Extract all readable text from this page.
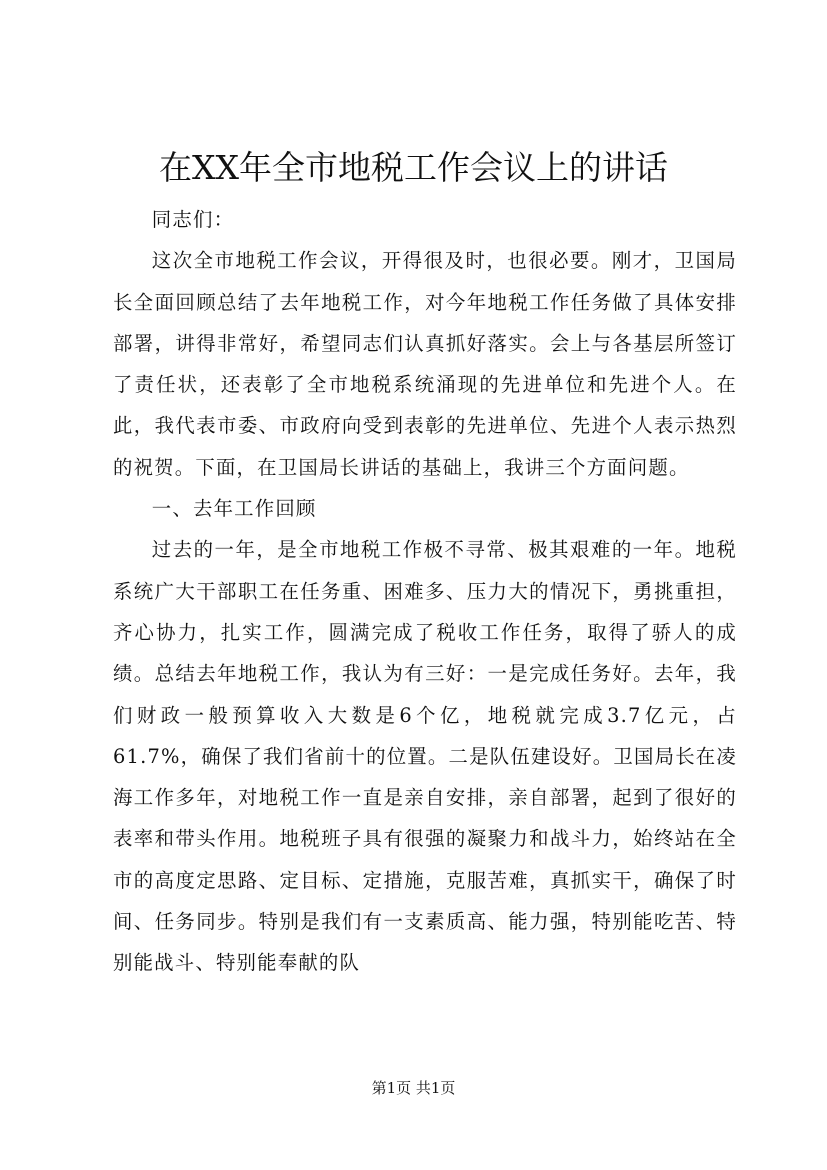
在XX年全市地税工作会议上的讲话

同志们：

这次全市地税工作会议，开得很及时，也很必要。刚才，卫国局长全面回顾总结了去年地税工作，对今年地税工作任务做了具体安排部署，讲得非常好，希望同志们认真抓好落实。会上与各基层所签订了责任状，还表彰了全市地税系统涌现的先进单位和先进个人。在此，我代表市委、市政府向受到表彰的先进单位、先进个人表示热烈的祝贺。下面，在卫国局长讲话的基础上，我讲三个方面问题。

一、去年工作回顾

过去的一年，是全市地税工作极不寻常、极其艰难的一年。地税系统广大干部职工在任务重、困难多、压力大的情况下，勇挑重担，齐心协力，扎实工作，圆满完成了税收工作任务，取得了骄人的成绩。总结去年地税工作，我认为有三好：一是完成任务好。去年，我们财政一般预算收入大数是6个亿，地税就完成3.7亿元，占61.7%，确保了我们省前十的位置。二是队伍建设好。卫国局长在凌海工作多年，对地税工作一直是亲自安排，亲自部署，起到了很好的表率和带头作用。地税班子具有很强的凝聚力和战斗力，始终站在全市的高度定思路、定目标、定措施，克服苦难，真抓实干，确保了时间、任务同步。特别是我们有一支素质高、能力强，特别能吃苦、特别能战斗、特别能奉献的队

第1页 共1页
